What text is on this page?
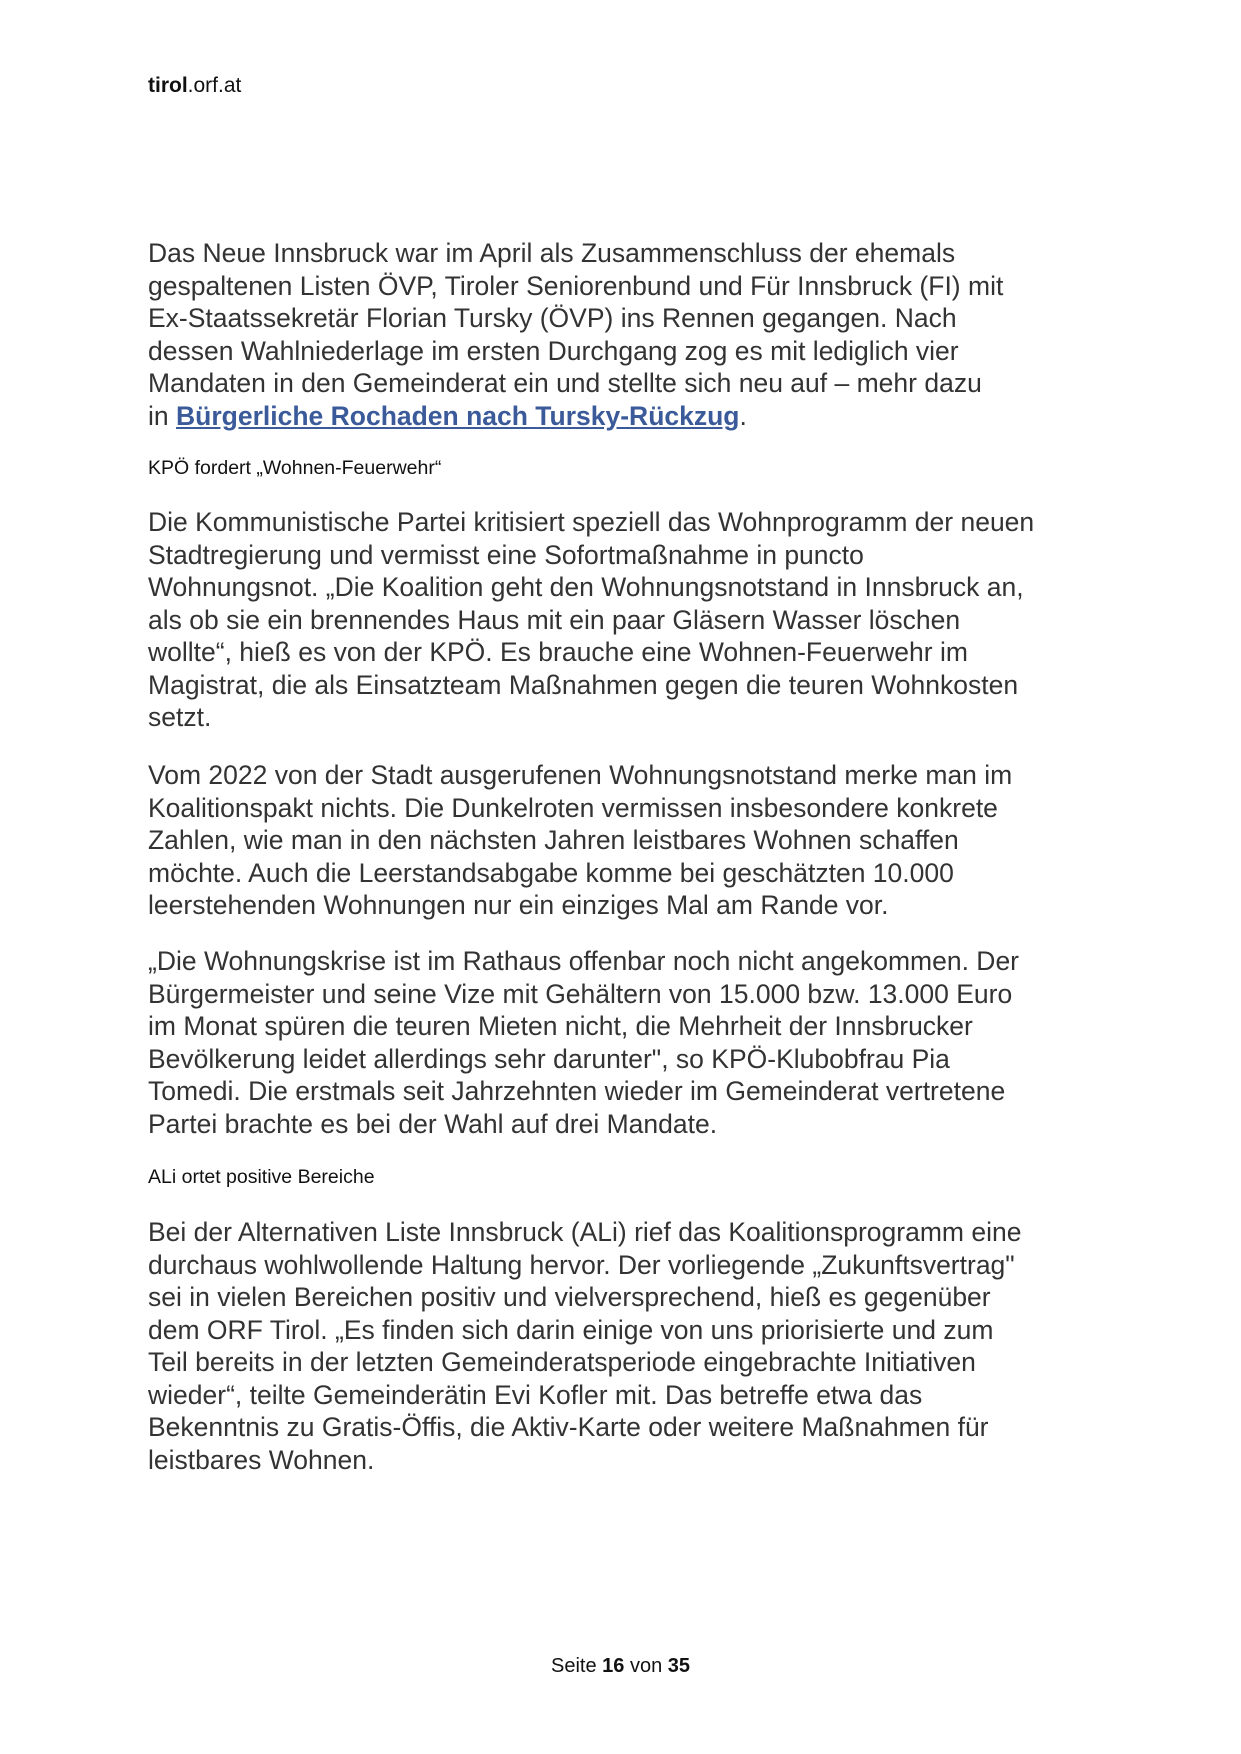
tirol.orf.at
Das Neue Innsbruck war im April als Zusammenschluss der ehemals
gespaltenen Listen ÖVP, Tiroler Seniorenbund und Für Innsbruck (FI) mit
Ex-Staatssekretär Florian Tursky (ÖVP) ins Rennen gegangen. Nach
dessen Wahlniederlage im ersten Durchgang zog es mit lediglich vier
Mandaten in den Gemeinderat ein und stellte sich neu auf – mehr dazu
in Bürgerliche Rochaden nach Tursky-Rückzug.
KPÖ fordert „Wohnen-Feuerwehr“
Die Kommunistische Partei kritisiert speziell das Wohnprogramm der neuen
Stadtregierung und vermisst eine Sofortmaßnahme in puncto
Wohnungsnot. „Die Koalition geht den Wohnungsnotstand in Innsbruck an,
als ob sie ein brennendes Haus mit ein paar Gläsern Wasser löschen
wollte“, hieß es von der KPÖ. Es brauche eine Wohnen-Feuerwehr im
Magistrat, die als Einsatzteam Maßnahmen gegen die teuren Wohnkosten
setzt.
Vom 2022 von der Stadt ausgerufenen Wohnungsnotstand merke man im
Koalitionspakt nichts. Die Dunkelroten vermissen insbesondere konkrete
Zahlen, wie man in den nächsten Jahren leistbares Wohnen schaffen
möchte. Auch die Leerstandsabgabe komme bei geschätzten 10.000
leerstehenden Wohnungen nur ein einziges Mal am Rande vor.
„Die Wohnungskrise ist im Rathaus offenbar noch nicht angekommen. Der
Bürgermeister und seine Vize mit Gehältern von 15.000 bzw. 13.000 Euro
im Monat spüren die teuren Mieten nicht, die Mehrheit der Innsbrucker
Bevölkerung leidet allerdings sehr darunter", so KPÖ-Klubobfrau Pia
Tomedi. Die erstmals seit Jahrzehnten wieder im Gemeinderat vertretene
Partei brachte es bei der Wahl auf drei Mandate.
ALi ortet positive Bereiche
Bei der Alternativen Liste Innsbruck (ALi) rief das Koalitionsprogramm eine
durchaus wohlwollende Haltung hervor. Der vorliegende „Zukunftsvertrag"
sei in vielen Bereichen positiv und vielversprechend, hieß es gegenüber
dem ORF Tirol. „Es finden sich darin einige von uns priorisierte und zum
Teil bereits in der letzten Gemeinderatsperiode eingebrachte Initiativen
wieder“, teilte Gemeinderätin Evi Kofler mit. Das betreffe etwa das
Bekenntnis zu Gratis-Öffis, die Aktiv-Karte oder weitere Maßnahmen für
leistbares Wohnen.
Seite 16 von 35
